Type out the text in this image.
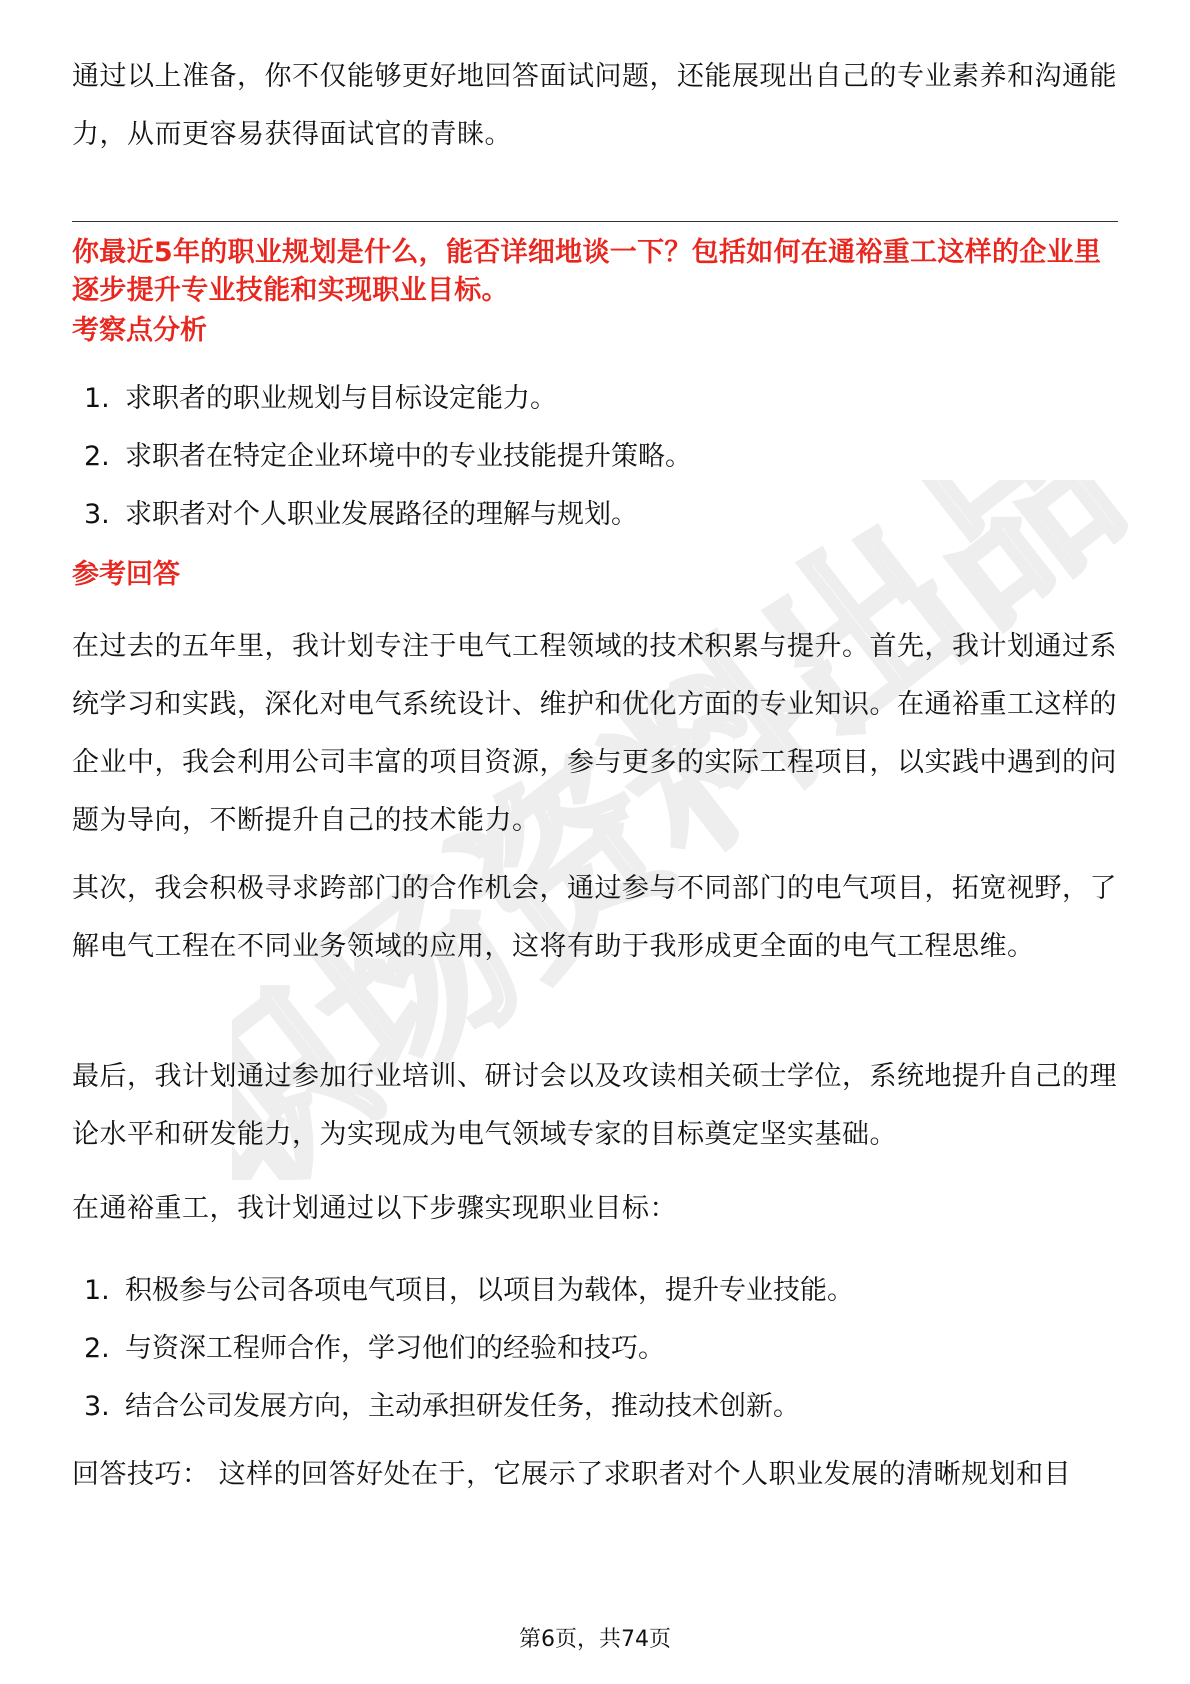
职场资料出品

通过以上准备，你不仅能够更好地回答面试问题，还能展现出自己的专业素养和沟通能力，从而更容易获得面试官的青睐。

你最近5年的职业规划是什么，能否详细地谈一下？包括如何在通裕重工这样的企业里逐步提升专业技能和实现职业目标。

考察点分析

1. 求职者的职业规划与目标设定能力。
2. 求职者在特定企业环境中的专业技能提升策略。
3. 求职者对个人职业发展路径的理解与规划。

参考回答

在过去的五年里，我计划专注于电气工程领域的技术积累与提升。首先，我计划通过系统学习和实践，深化对电气系统设计、维护和优化方面的专业知识。在通裕重工这样的企业中，我会利用公司丰富的项目资源，参与更多的实际工程项目，以实践中遇到的问题为导向，不断提升自己的技术能力。

其次，我会积极寻求跨部门的合作机会，通过参与不同部门的电气项目，拓宽视野，了解电气工程在不同业务领域的应用，这将有助于我形成更全面的电气工程思维。

最后，我计划通过参加行业培训、研讨会以及攻读相关硕士学位，系统地提升自己的理论水平和研发能力，为实现成为电气领域专家的目标奠定坚实基础。

在通裕重工，我计划通过以下步骤实现职业目标：

1. 积极参与公司各项电气项目，以项目为载体，提升专业技能。
2. 与资深工程师合作，学习他们的经验和技巧。
3. 结合公司发展方向，主动承担研发任务，推动技术创新。

回答技巧： 这样的回答好处在于，它展示了求职者对个人职业发展的清晰规划和目

第6页，共74页
